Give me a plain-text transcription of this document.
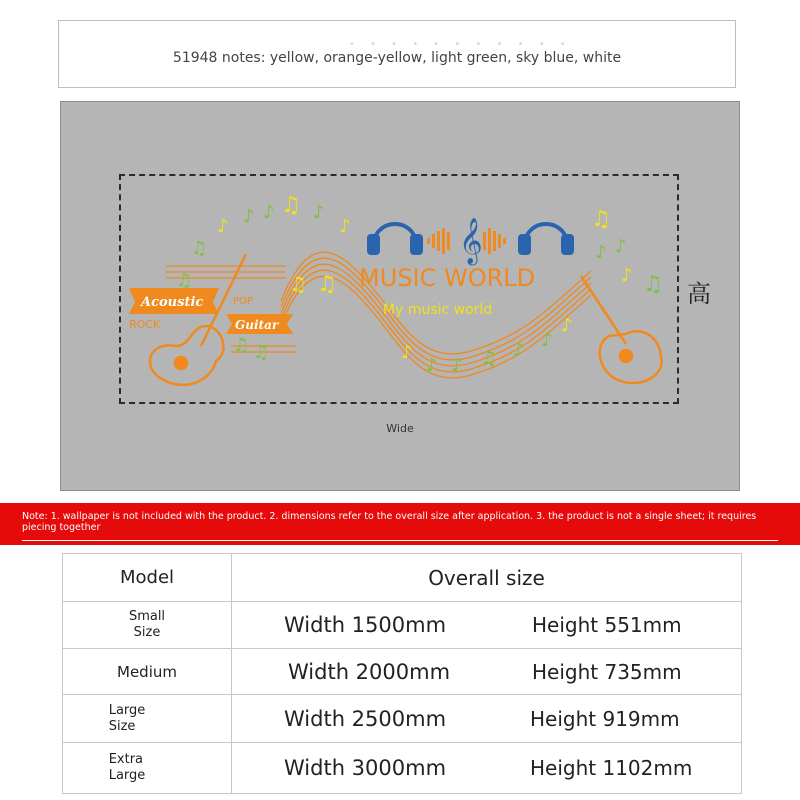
• • • • • • • • • • •
51948 notes: yellow, orange-yellow, light green, sky blue, white
Acoustic
ROCK
POP
Guitar
𝄞
MUSIC WORLD
My music world
♫
♪ ♪ ♪ ♫ ♪
♪
♫ ♫
♫
♫ ♫	♪
♪ ♪ ♫ ♪ ♪
♪
♫
♪ ♪
♪ ♫ 高
Wide
Note: 1. wallpaper is not included with the product. 2. dimensions refer to the overall size after application. 3. the product is not a single sheet; it requires piecing together
Model	Overall size
Small
Size	Width 1500mm Height 551mm

Medium	Width 2000mm Height 735mm

Large
Size	Width 2500mm Height 919mm

Extra
Large	Width 3000mm Height 1102mm
